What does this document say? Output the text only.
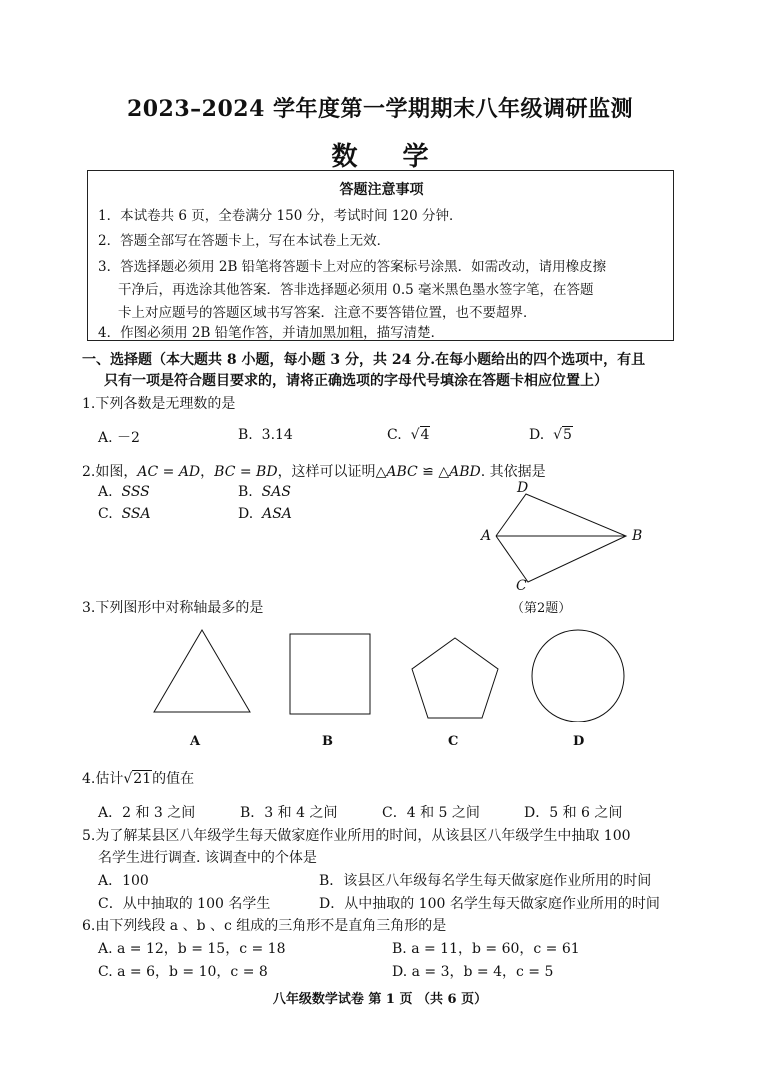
2023–2024 学年度第一学期期末八年级调研监测
数 学
答题注意事项
1．本试卷共 6 页，全卷满分 150 分，考试时间 120 分钟．
2．答题全部写在答题卡上，写在本试卷上无效．
3．答选择题必须用 2B 铅笔将答题卡上对应的答案标号涂黑．如需改动，请用橡皮擦
干净后，再选涂其他答案．答非选择题必须用 0.5 毫米黑色墨水签字笔，在答题
卡上对应题号的答题区域书写答案．注意不要答错位置，也不要超界．
4．作图必须用 2B 铅笔作答，并请加黑加粗，描写清楚．
一、选择题（本大题共 8 小题，每小题 3 分，共 24 分.在每小题给出的四个选项中，有且
只有一项是符合题目要求的，请将正确选项的字母代号填涂在答题卡相应位置上）
1.下列各数是无理数的是
A. －2	B. 3.14	C. √4	D. √5
2.如图，AC = AD，BC = BD，这样可以证明△ABC ≌ △ABD. 其依据是
A. SSS	B. SAS
C. SSA	D. ASA
D
A	B
C
（第2题）
3.下列图形中对称轴最多的是
A	B	C	D
4.估计√21的值在
A．2 和 3 之间	B．3 和 4 之间	C．4 和 5 之间	D．5 和 6 之间
5.为了解某县区八年级学生每天做家庭作业所用的时间，从该县区八年级学生中抽取 100
名学生进行调查. 该调查中的个体是
A．100	B．该县区八年级每名学生每天做家庭作业所用的时间
C．从中抽取的 100 名学生	D．从中抽取的 100 名学生每天做家庭作业所用的时间
6.由下列线段 a 、b 、c 组成的三角形不是直角三角形的是
A. a = 12，b = 15，c = 18	B. a = 11，b = 60，c = 61
C. a = 6，b = 10，c = 8	D. a = 3，b = 4，c = 5
八年级数学试卷 第 1 页 （共 6 页）
